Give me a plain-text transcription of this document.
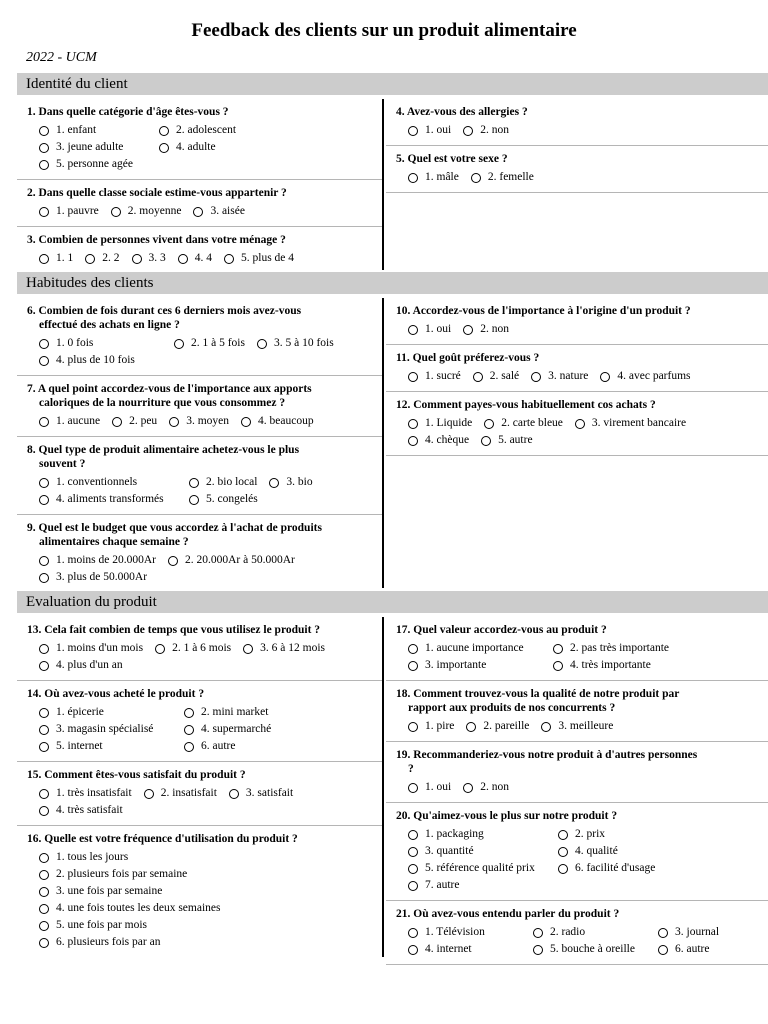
Feedback des clients sur un produit alimentaire
2022 - UCM
Identité du client
1. Dans quelle catégorie d'âge êtes-vous ?
1. enfant	2. adolescent
3. jeune adulte	4. adulte
5. personne agée
2. Dans quelle classe sociale estime-vous appartenir ?
1. pauvre	2. moyenne	3. aisée
3. Combien de personnes vivent dans votre ménage ?
1. 1	2. 2	3. 3	4. 4	5. plus de 4
4. Avez-vous des allergies ?
1. oui	2. non
5. Quel est votre sexe ?
1. mâle	2. femelle
Habitudes des clients
6. Combien de fois durant ces 6 derniers mois avez-vous
effectué des achats en ligne ?
1. 0 fois	2. 1 à 5 fois	3. 5 à 10 fois
4. plus de 10 fois
7. A quel point accordez-vous de l'importance aux apports
caloriques de la nourriture que vous consommez ?
1. aucune	2. peu	3. moyen	4. beaucoup
8. Quel type de produit alimentaire achetez-vous le plus
souvent ?
1. conventionnels	2. bio local	3. bio
4. aliments transformés	5. congelés
9. Quel est le budget que vous accordez à l'achat de produits
alimentaires chaque semaine ?
1. moins de 20.000Ar	2. 20.000Ar à 50.000Ar
3. plus de 50.000Ar
10. Accordez-vous de l'importance à l'origine d'un produit ?
1. oui	2. non
11. Quel goût préferez-vous ?
1. sucré	2. salé	3. nature	4. avec parfums
12. Comment payes-vous habituellement cos achats ?
1. Liquide	2. carte bleue	3. virement bancaire
4. chèque	5. autre
Evaluation du produit
13. Cela fait combien de temps que vous utilisez le produit ?
1. moins d'un mois	2. 1 à 6 mois	3. 6 à 12 mois
4. plus d'un an
14. Où avez-vous acheté le produit ?
1. épicerie	2. mini market
3. magasin spécialisé	4. supermarché
5. internet	6. autre
15. Comment êtes-vous satisfait du produit ?
1. très insatisfait	2. insatisfait	3. satisfait
4. très satisfait
16. Quelle est votre fréquence d'utilisation du produit ?
1. tous les jours
2. plusieurs fois par semaine
3. une fois par semaine
4. une fois toutes les deux semaines
5. une fois par mois
6. plusieurs fois par an
17. Quel valeur accordez-vous au produit ?
1. aucune importance	2. pas très importante
3. importante	4. très importante
18. Comment trouvez-vous la qualité de notre produit par
rapport aux produits de nos concurrents ?
1. pire	2. pareille	3. meilleure
19. Recommanderiez-vous notre produit à d'autres personnes
?
1. oui	2. non
20. Qu'aimez-vous le plus sur notre produit ?
1. packaging	2. prix
3. quantité	4. qualité
5. référence qualité prix	6. facilité d'usage
7. autre
21. Où avez-vous entendu parler du produit ?
1. Télévision	2. radio	3. journal
4. internet	5. bouche à oreille	6. autre
